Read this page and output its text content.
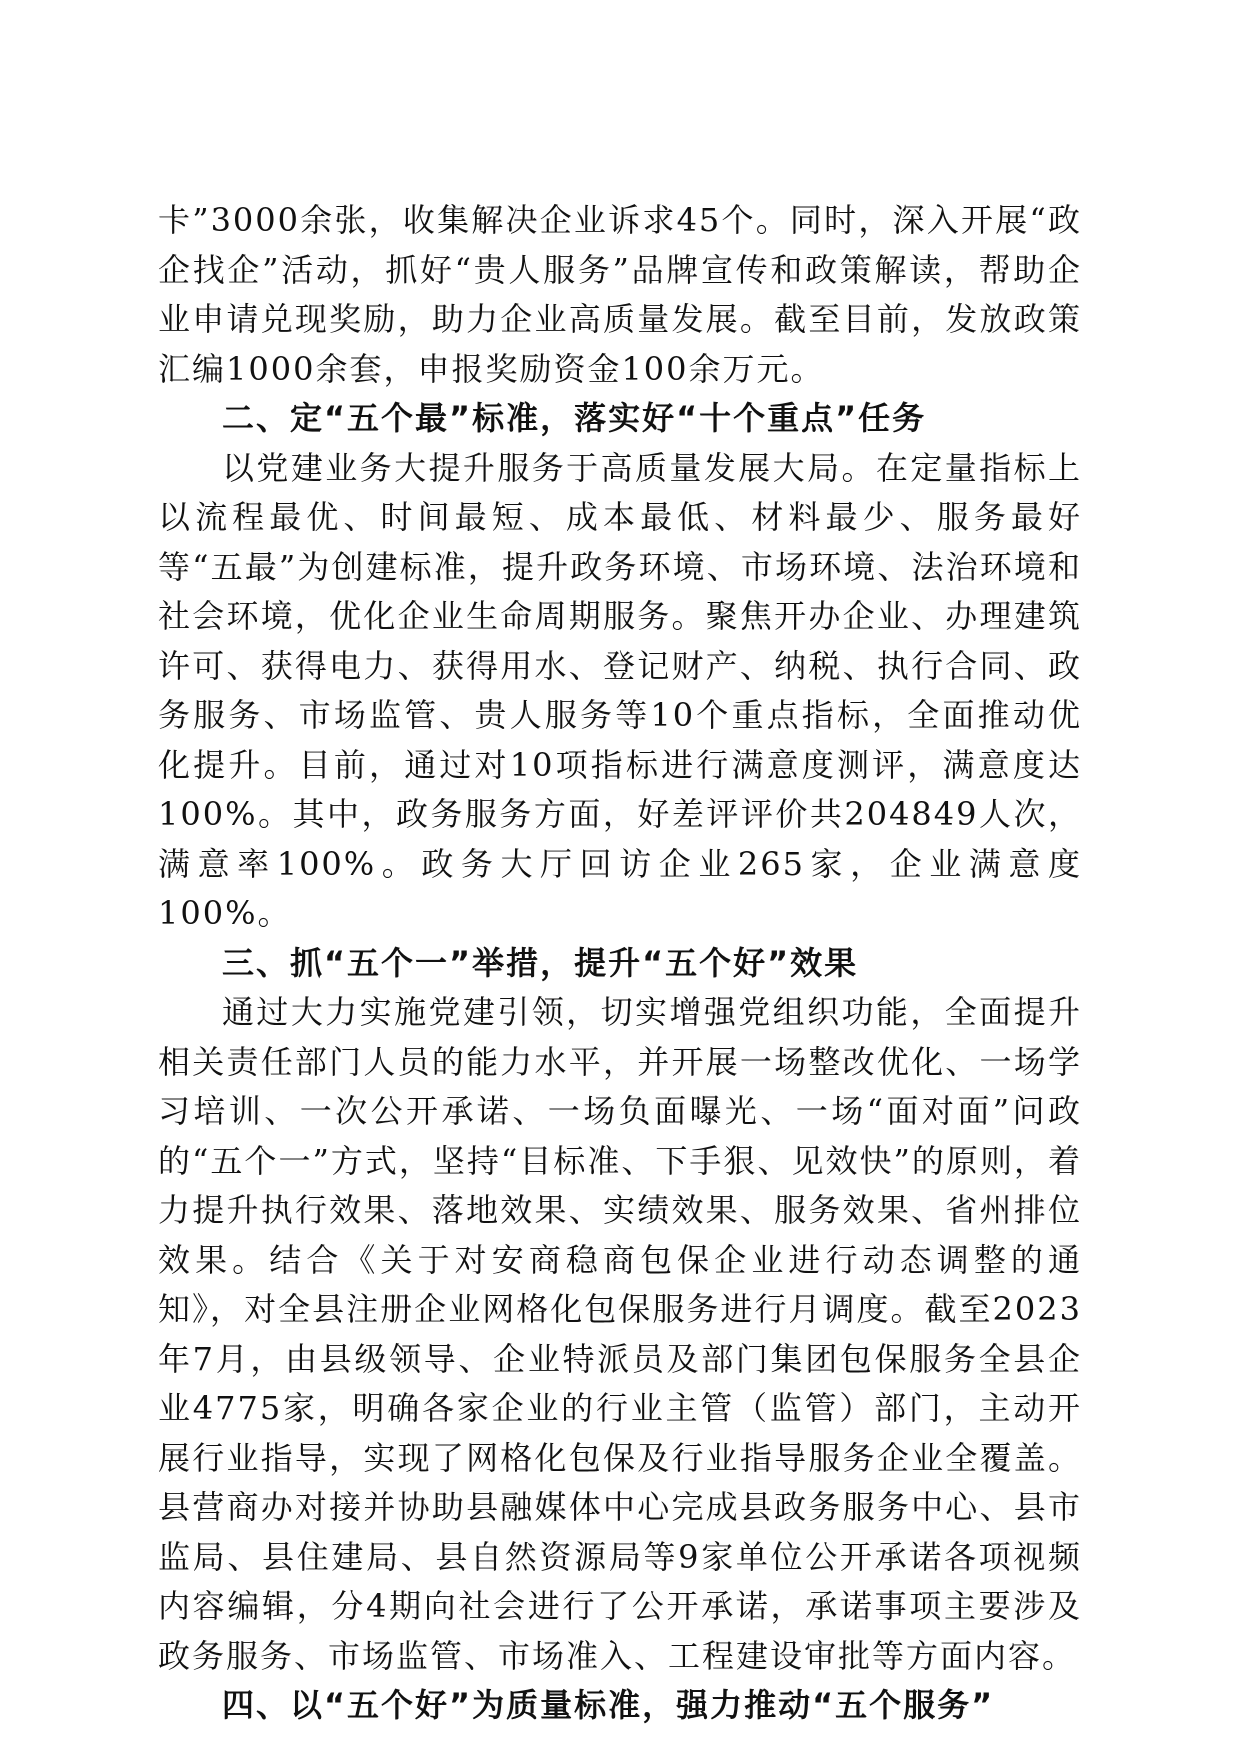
卡”3000余张，收集解决企业诉求45个。同时，深入开展“政企找企”活动，抓好“贵人服务”品牌宣传和政策解读，帮助企业申请兑现奖励，助力企业高质量发展。截至目前，发放政策汇编1000余套，申报奖励资金100余万元。

二、定“五个最”标准，落实好“十个重点”任务

以党建业务大提升服务于高质量发展大局。在定量指标上以流程最优、时间最短、成本最低、材料最少、服务最好等“五最”为创建标准，提升政务环境、市场环境、法治环境和社会环境，优化企业生命周期服务。聚焦开办企业、办理建筑许可、获得电力、获得用水、登记财产、纳税、执行合同、政务服务、市场监管、贵人服务等10个重点指标，全面推动优化提升。目前，通过对10项指标进行满意度测评，满意度达100%。其中，政务服务方面，好差评评价共204849人次，满意率100%。政务大厅回访企业265家，企业满意度100%。

三、抓“五个一”举措，提升“五个好”效果

通过大力实施党建引领，切实增强党组织功能，全面提升相关责任部门人员的能力水平，并开展一场整改优化、一场学习培训、一次公开承诺、一场负面曝光、一场“面对面”问政的“五个一”方式，坚持“目标准、下手狠、见效快”的原则，着力提升执行效果、落地效果、实绩效果、服务效果、省州排位效果。结合《关于对安商稳商包保企业进行动态调整的通知》，对全县注册企业网格化包保服务进行月调度。截至2023年7月，由县级领导、企业特派员及部门集团包保服务全县企业4775家，明确各家企业的行业主管（监管）部门，主动开展行业指导，实现了网格化包保及行业指导服务企业全覆盖。县营商办对接并协助县融媒体中心完成县政务服务中心、县市监局、县住建局、县自然资源局等9家单位公开承诺各项视频内容编辑，分4期向社会进行了公开承诺，承诺事项主要涉及政务服务、市场监管、市场准入、工程建设审批等方面内容。

四、以“五个好”为质量标准，强力推动“五个服务”
